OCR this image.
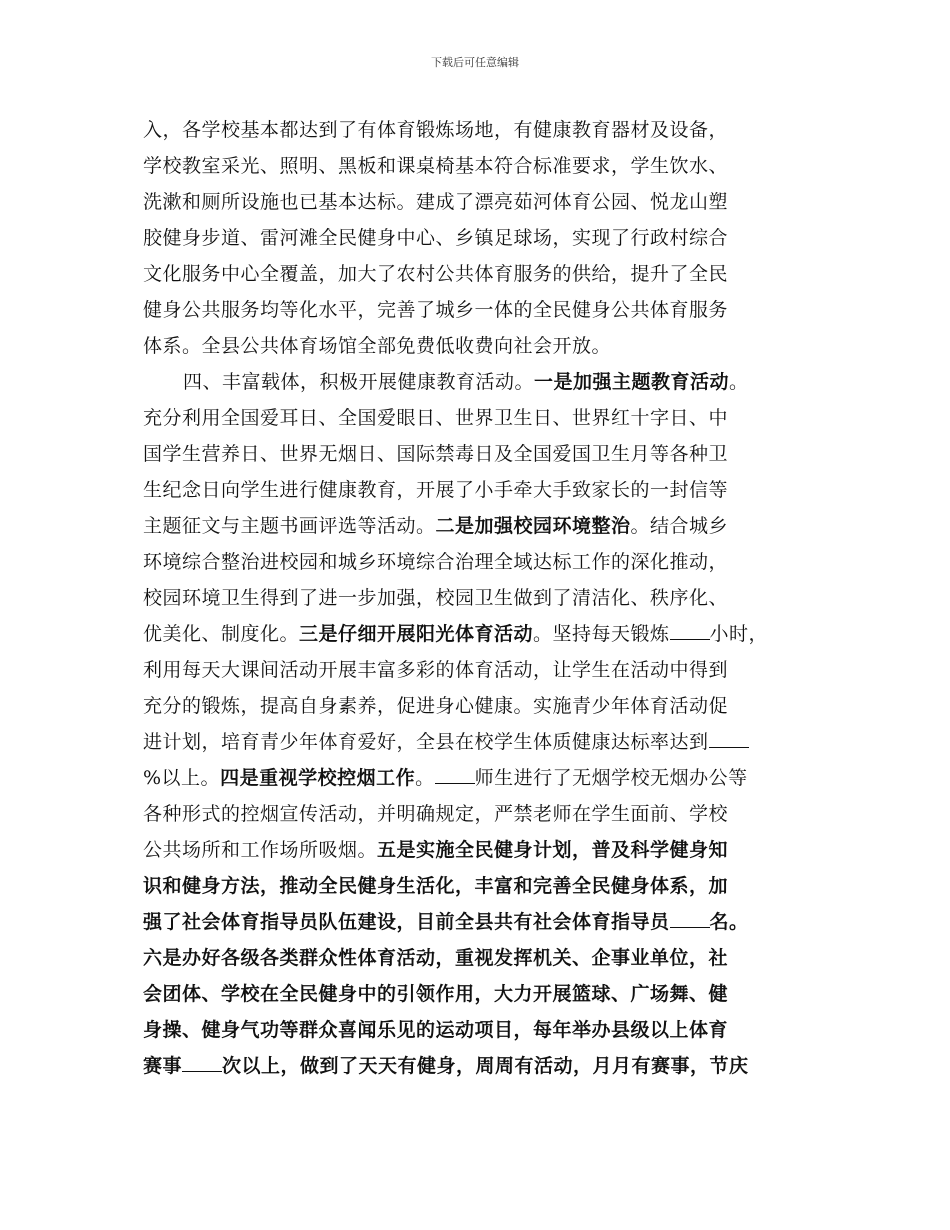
下载后可任意编辑
入，各学校基本都达到了有体育锻炼场地，有健康教育器材及设备，
学校教室采光、照明、黑板和课桌椅基本符合标准要求，学生饮水、
洗漱和厕所设施也已基本达标。建成了漂亮茹河体育公园、悦龙山塑
胶健身步道、雷河滩全民健身中心、乡镇足球场，实现了行政村综合
文化服务中心全覆盖，加大了农村公共体育服务的供给，提升了全民
健身公共服务均等化水平，完善了城乡一体的全民健身公共体育服务
体系。全县公共体育场馆全部免费低收费向社会开放。
四、丰富载体，积极开展健康教育活动。一是加强主题教育活动。
充分利用全国爱耳日、全国爱眼日、世界卫生日、世界红十字日、中
国学生营养日、世界无烟日、国际禁毒日及全国爱国卫生月等各种卫
生纪念日向学生进行健康教育，开展了小手牵大手致家长的一封信等
主题征文与主题书画评选等活动。二是加强校园环境整治。结合城乡
环境综合整治进校园和城乡环境综合治理全域达标工作的深化推动，
校园环境卫生得到了进一步加强，校园卫生做到了清洁化、秩序化、
优美化、制度化。三是仔细开展阳光体育活动。坚持每天锻炼 小时，
利用每天大课间活动开展丰富多彩的体育活动，让学生在活动中得到
充分的锻炼，提高自身素养，促进身心健康。实施青少年体育活动促
进计划，培育青少年体育爱好，全县在校学生体质健康达标率达到
%以上。四是重视学校控烟工作。 师生进行了无烟学校无烟办公等
各种形式的控烟宣传活动，并明确规定，严禁老师在学生面前、学校
公共场所和工作场所吸烟。五是实施全民健身计划，普及科学健身知
识和健身方法，推动全民健身生活化，丰富和完善全民健身体系，加
强了社会体育指导员队伍建设，目前全县共有社会体育指导员 名。
六是办好各级各类群众性体育活动，重视发挥机关、企事业单位，社
会团体、学校在全民健身中的引领作用，大力开展篮球、广场舞、健
身操、健身气功等群众喜闻乐见的运动项目，每年举办县级以上体育
赛事 次以上，做到了天天有健身，周周有活动，月月有赛事，节庆
